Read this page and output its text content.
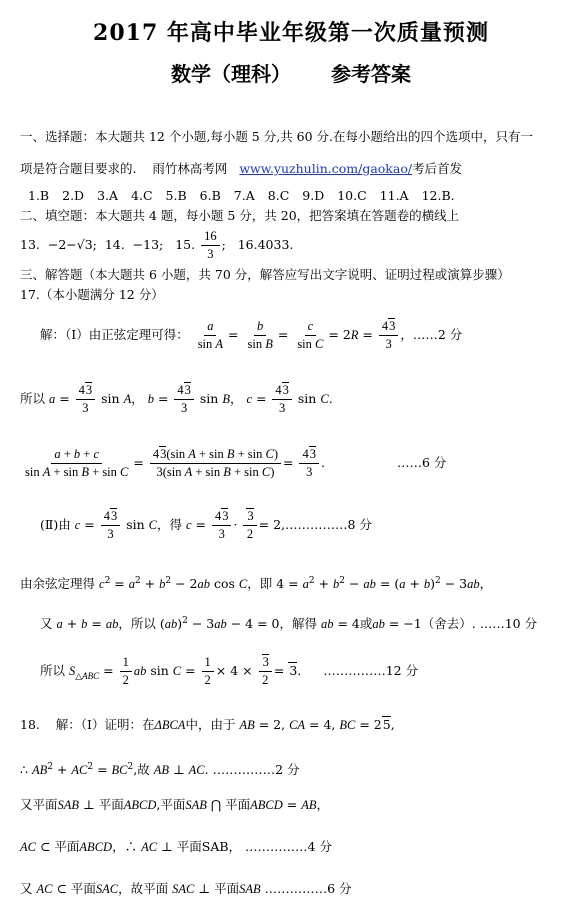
2017 年高中毕业年级第一次质量预测
数学（理科） 参考答案
一、选择题：本大题共 12 个小题,每小题 5 分,共 60 分.在每小题给出的四个选项中，只有一
项是符合题目要求的. 雨竹林高考网 www.yuzhulin.com/gaokao/考后首发
1.B 2.D 3.A 4.C 5.B 6.B 7.A 8.C 9.D 10.C 11.A 12.B.
二、填空题：本大题共 4 题，每小题 5 分，共 20，把答案填在答题卷的横线上
13. −2−√3; 14. −13; 15. $\frac{16}{3}$ ;   16.4033.
三、解答题（本大题共 6 小题，共 70 分，解答应写出文字说明、证明过程或演算步骤）
17.（本小题满分 12 分）
解：（Ⅰ）由正弦定理可得： $\frac{a}{\text{sin A}} = \frac{b}{\text{sin B}} = \frac{c}{\text{sin C}} = 2R = \frac{43}{3}$ ，……2 分
所以 $a = \frac{43}{3}$ sin A， $b = \frac{43}{3}$ sin B， $c = \frac{43}{3}$ sin C.
$\frac{a + b + c}{\text{sin A + sin B + sin C}} = \frac{\text{43(sin A + sin B + sin C)}}{\text{3(sin A + sin B + sin C)}} = \frac{43}{3}$ .	……6 分
(Ⅱ)由 $c = \frac{43}{3}$ sin C，得 $c = \frac{43}{3} \cdot \frac{3}{2}$ = 2,……………8 分
由余弦定理得 $c^2 = a^2 + b^2 - 2ab$ cos C，即 $4 = a^2 + b^2$ − ab = $(a + b)^2 - 3ab$，
又 a + b = ab，所以 (ab)$^2$ − 3ab − 4 = 0，解得 ab = 4或ab = −1（舍去）. ……10 分
所以 $S_{\triangle ABC} = \frac{1}{2}$ ab $\sin C = \frac{1}{2} \times 4 \times \frac{3}{2} = 3$. ……………12 分
18. 解：（Ⅰ）证明：在ΔBCA中，由于 AB = 2, CA = 4, BC = 25,
∴ $AB^2 + AC^2 = BC^2$,故 AB ⊥ AC. ……………2 分
又平面SAB ⊥ 平面ABCD,平面SAB ⋂ 平面ABCD = AB，
AC ⊂ 平面ABCD，∴ AC ⊥ 平面SAB， ……………4 分
又 AC ⊂ 平面SAC，故平面 SAC ⊥ 平面SAB ……………6 分
